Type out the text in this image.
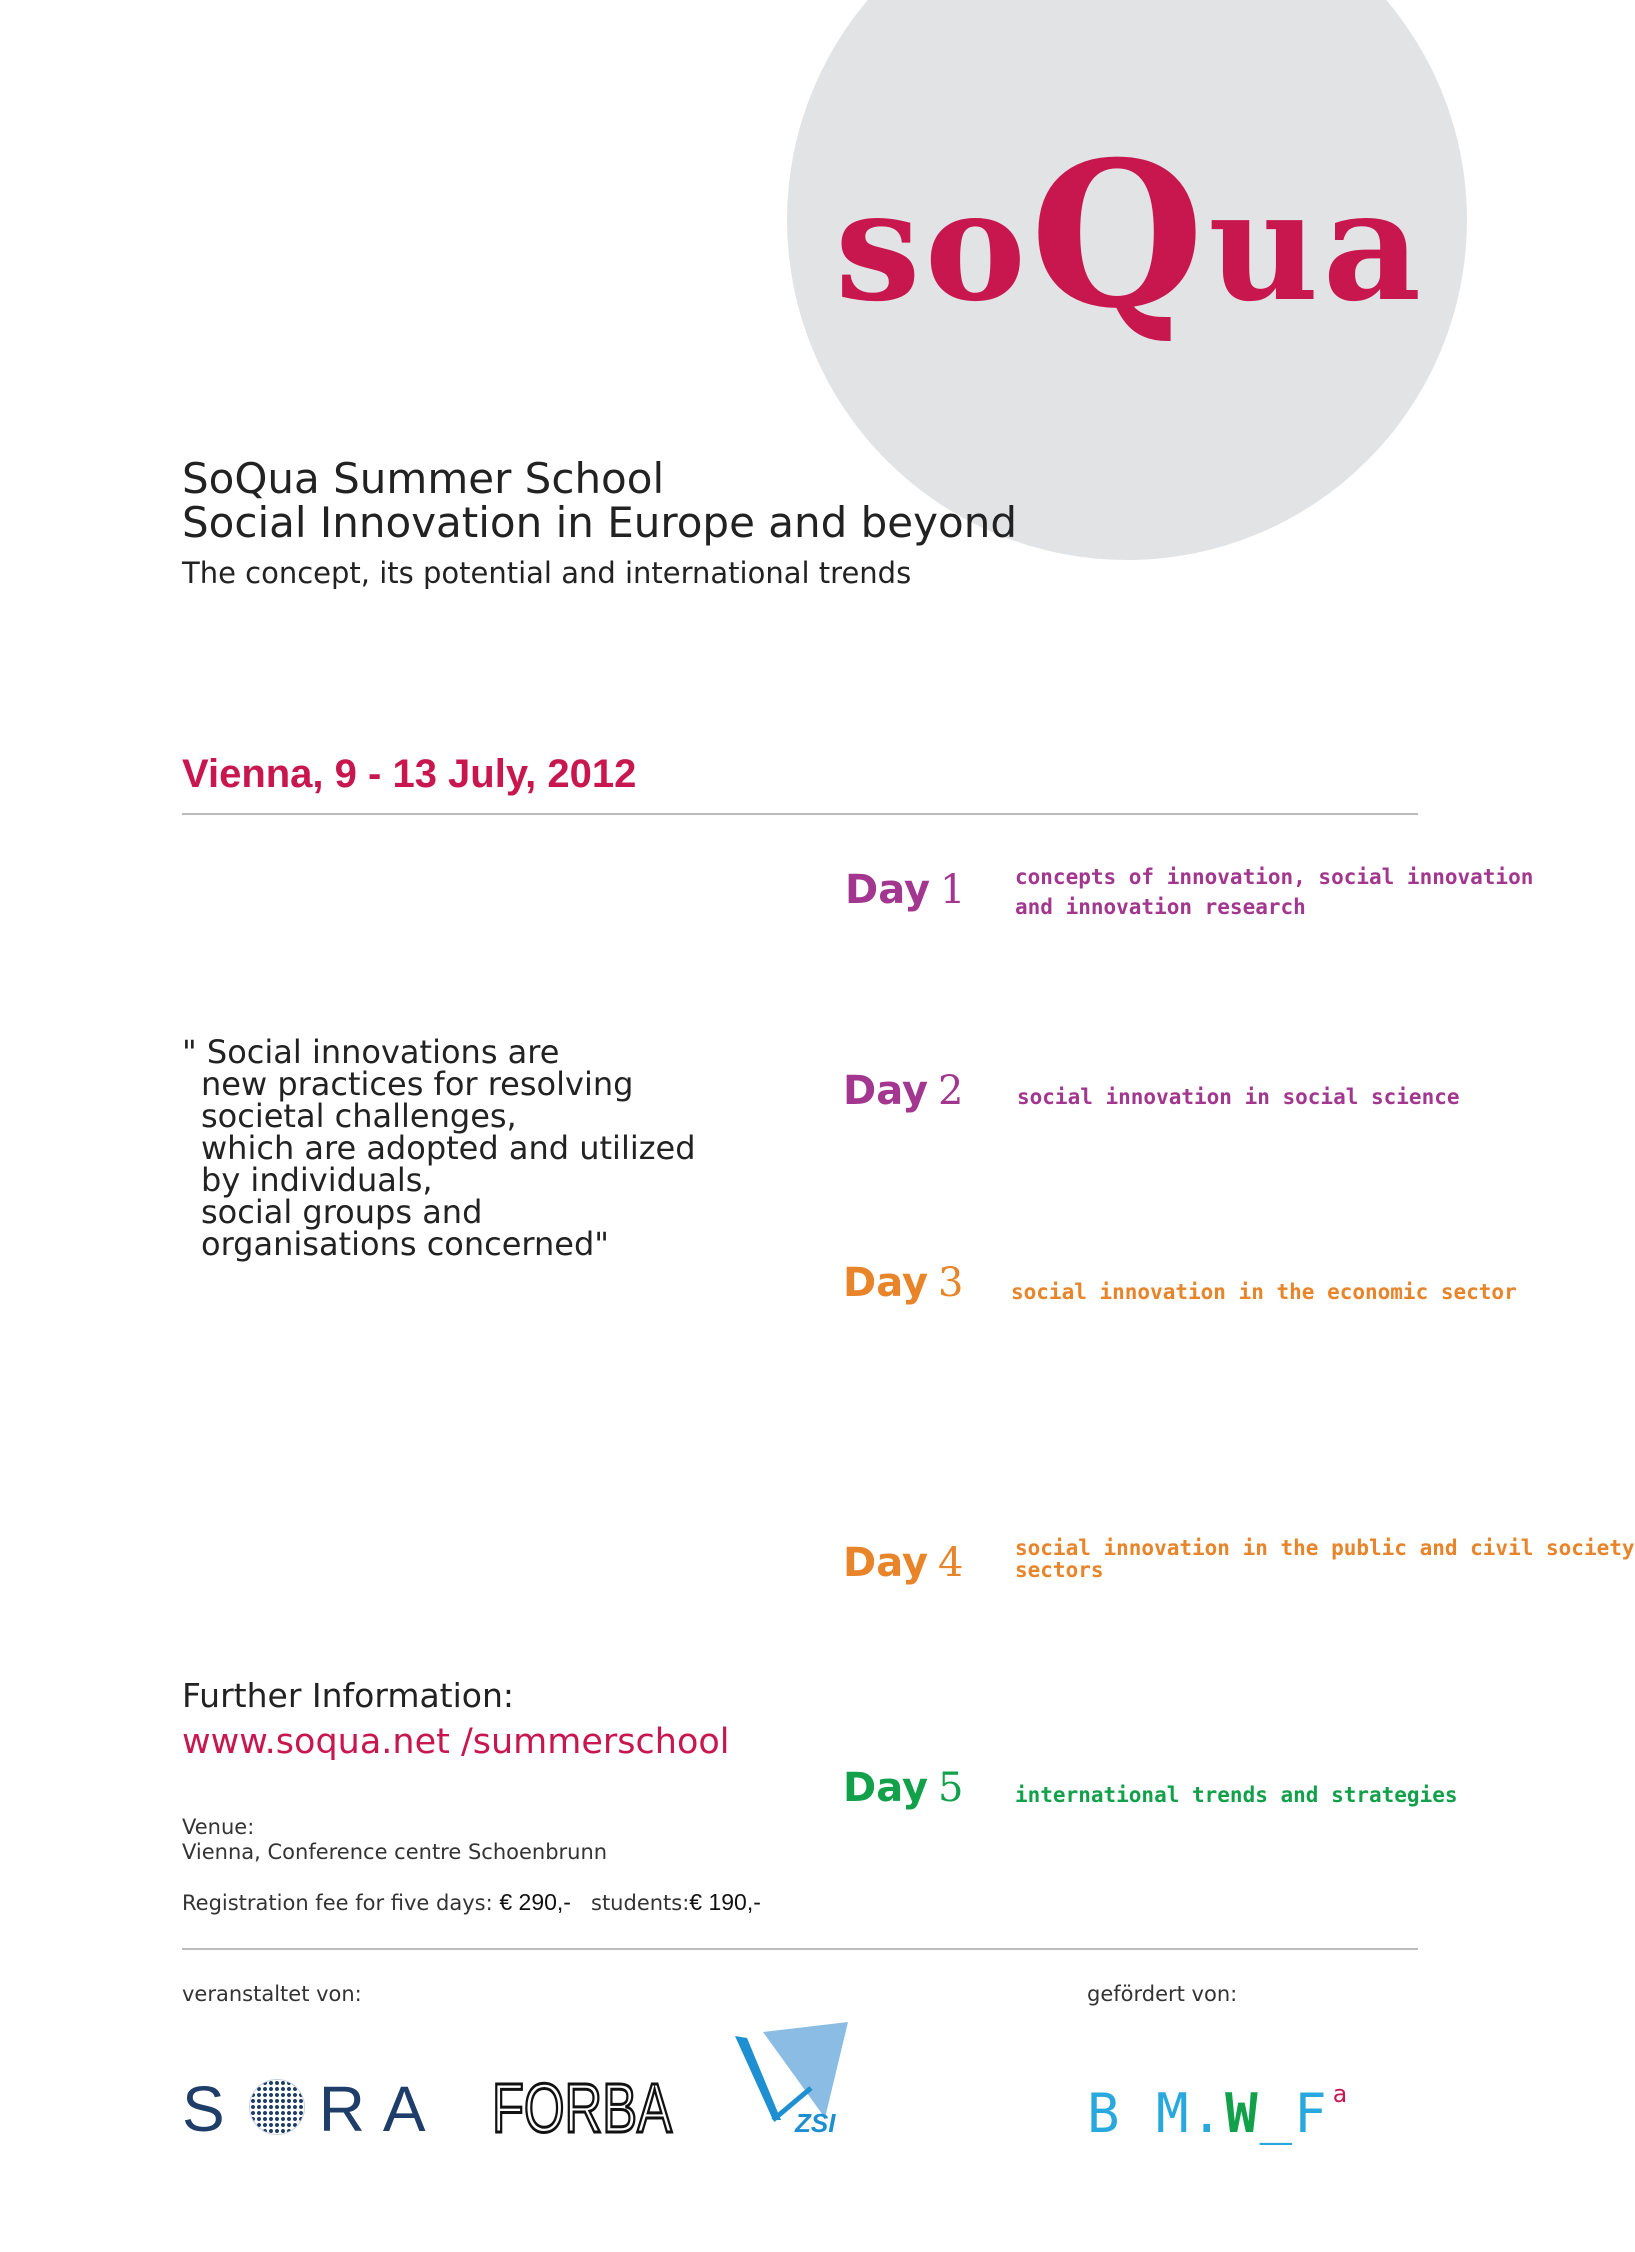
soQua
SoQua Summer School
Social Innovation in Europe and beyond
The concept, its potential and international trends
Vienna, 9 - 13 July, 2012
" Social innovations are
new practices for resolving
societal challenges,
which are adopted and utilized
by individuals,
social groups and
organisations concerned"
Day 1 concepts of innovation, social innovation
and innovation research
Day 2	social innovation in social science
Day 3 social innovation in the economic sector
Day 4 social innovation in the public and civil society
sectors
Day 5 international trends and strategies
Further Information:
www.soqua.net /summerschool
Venue:
Vienna, Conference centre Schoenbrunn
Registration fee for five days: € 290,- students:€ 190,-
veranstaltet von:	gefördert von:
S RA FORBA	ZSI	B M.W_F $^a$
